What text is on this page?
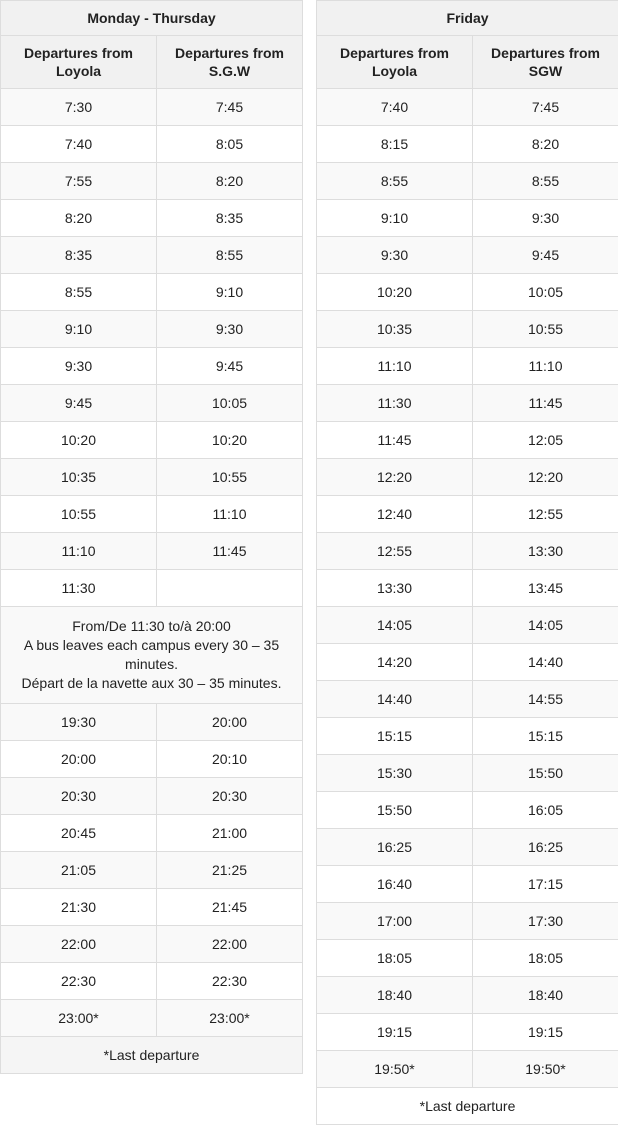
Monday - Thursday	
Departures from Loyola	Departures from S.G.W
7:30	7:45
7:40	8:05
7:55	8:20
8:20	8:35
8:35	8:55
8:55	9:10
9:10	9:30
9:30	9:45
9:45	10:05
10:20	10:20
10:35	10:55
10:55	11:10
11:10	11:45
11:30	

From/De 11:30 to/à 20:00
A bus leaves each campus every 30 – 35 minutes.
Départ de la navette aux 30 – 35 minutes.	

19:30	20:00
20:00	20:10
20:30	20:30
20:45	21:00
21:05	21:25
21:30	21:45
22:00	22:00
22:30	22:30
23:00*	23:00*
*Last departure	
Friday	
Departures from Loyola	Departures from SGW
7:40	7:45
8:15	8:20
8:55	8:55
9:10	9:30
9:30	9:45
10:20	10:05
10:35	10:55
11:10	11:10
11:30	11:45
11:45	12:05
12:20	12:20
12:40	12:55
12:55	13:30
13:30	13:45
14:05	14:05
14:20	14:40
14:40	14:55
15:15	15:15
15:30	15:50
15:50	16:05
16:25	16:25
16:40	17:15
17:00	17:30
18:05	18:05
18:40	18:40
19:15	19:15
19:50*	19:50*
*Last departure	
